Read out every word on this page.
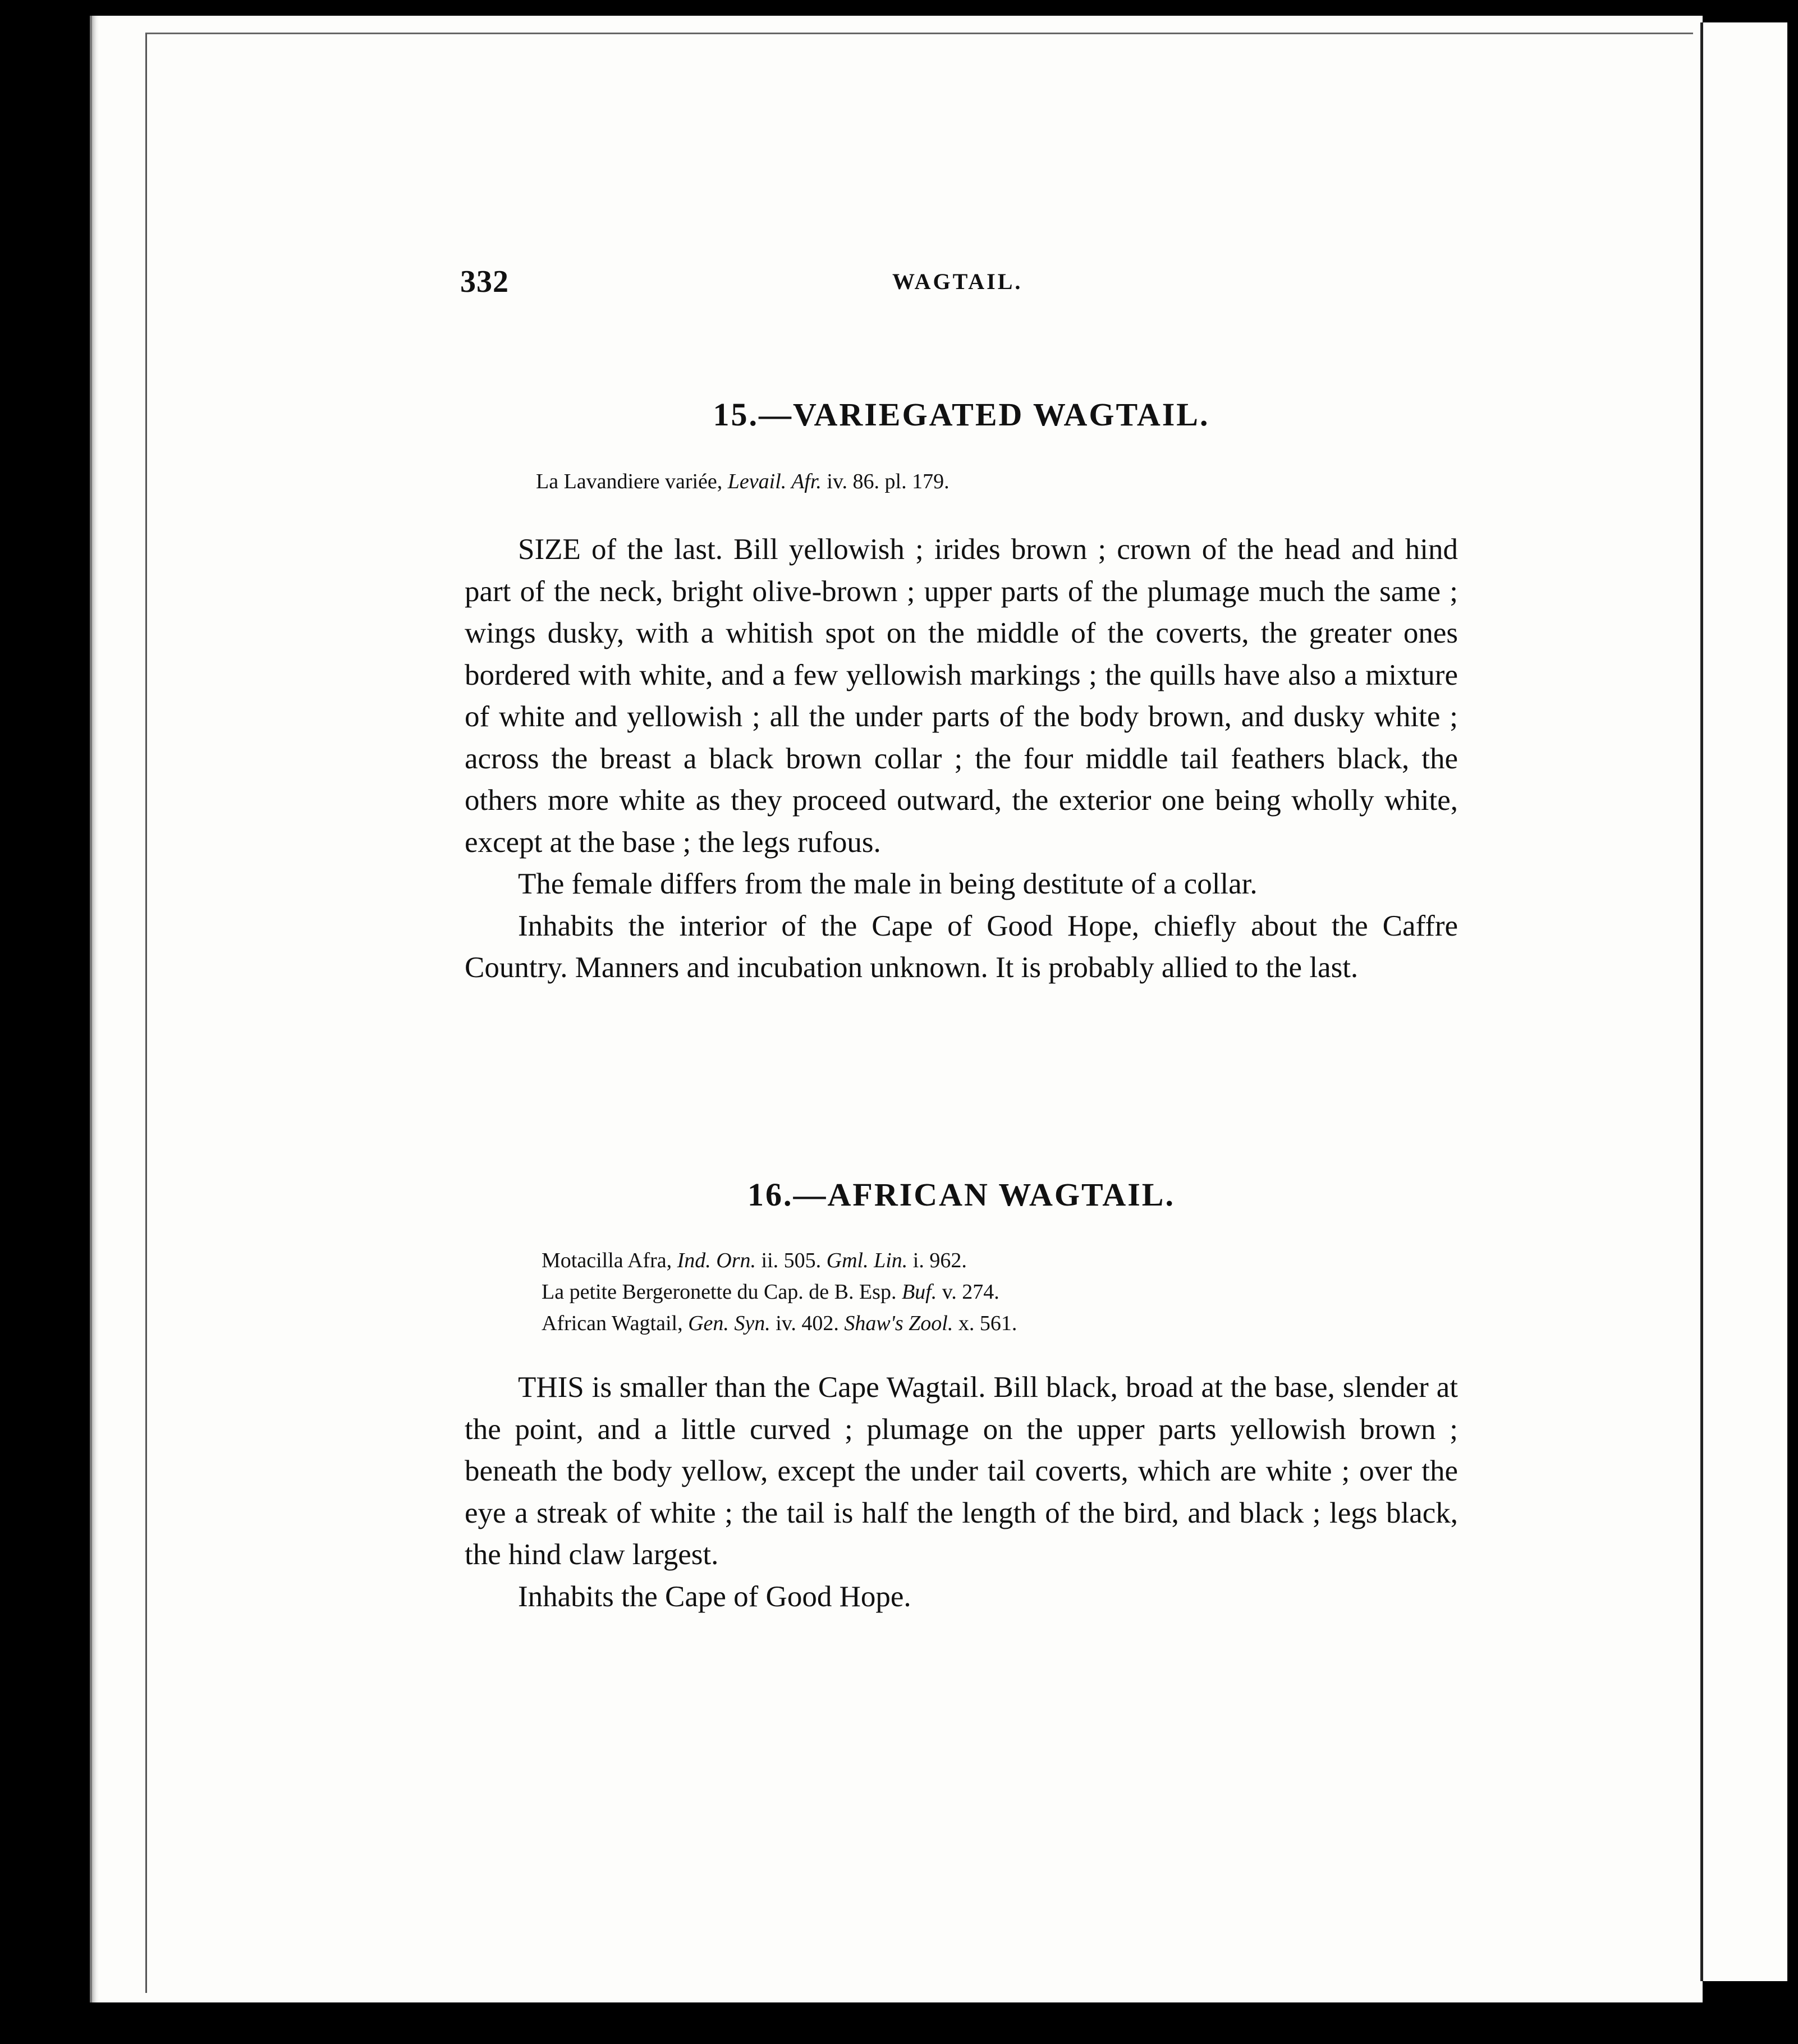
332	WAGTAIL.
15.—VARIEGATED WAGTAIL.
La Lavandiere variée, Levail. Afr. iv. 86. pl. 179.

SIZE of the last. Bill yellowish ; irides brown ; crown of the head and hind part of the neck, bright olive-brown ; upper parts of the plumage much the same ; wings dusky, with a whitish spot on the middle of the coverts, the greater ones bordered with white, and a few yellowish markings ; the quills have also a mixture of white and yellowish ; all the under parts of the body brown, and dusky white ; across the breast a black brown collar ; the four middle tail feathers black, the others more white as they proceed outward, the exterior one being wholly white, except at the base ; the legs rufous.

The female differs from the male in being destitute of a collar.

Inhabits the interior of the Cape of Good Hope, chiefly about the Caffre Country. Manners and incubation unknown. It is probably allied to the last.

16.—AFRICAN WAGTAIL.
Motacilla Afra, Ind. Orn. ii. 505. Gml. Lin. i. 962.
La petite Bergeronette du Cap. de B. Esp. Buf. v. 274.
African Wagtail, Gen. Syn. iv. 402. Shaw's Zool. x. 561.

THIS is smaller than the Cape Wagtail. Bill black, broad at the base, slender at the point, and a little curved ; plumage on the upper parts yellowish brown ; beneath the body yellow, except the under tail coverts, which are white ; over the eye a streak of white ; the tail is half the length of the bird, and black ; legs black, the hind claw largest.

Inhabits the Cape of Good Hope.
